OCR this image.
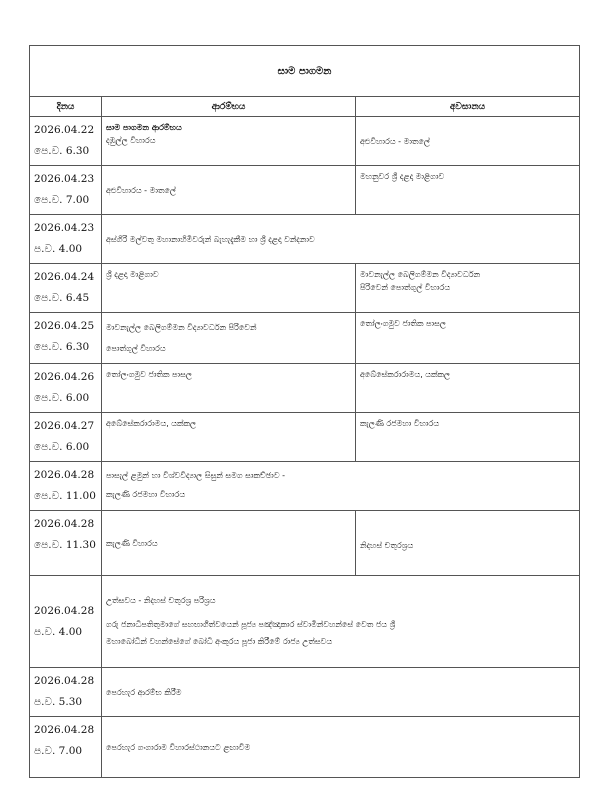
සාම පාගමන		
දිනය	ආරම්භය	අවසානය

2026.04.22
පෙ.ව. 6.30	සාම පාගමන ආරම්භය
දඹුල්ල විහාරය	අළුවිහාරය - මාතලේ

2026.04.23
පෙ.ව. 7.00	අළුවිහාරය - මාතලේ	මහනුවර ශ්‍රී දළදා මාළිගාව

2026.04.23
ප.ව. 4.00	අස්ගිරි මල්වතු මහානාහිමිවරුන් බැහැදැකීම හා ශ්‍රී දළදා වන්දනාව	

2026.04.24
පෙ.ව. 6.45	ශ්‍රී දළදා මාළිගාව	මාවනැල්ල බෙලිගම්මන විද්‍යාවර්ධන
පිරිවෙන් පොත්ගුල් විහාරය

2026.04.25
පෙ.ව. 6.30	මාවනැල්ල බෙලිගම්මන විද්‍යාවර්ධන පිරිවෙන්
පොත්ගුල් විහාරය	තෝලංගමුව ජාතික පාසල

2026.04.26
පෙ.ව. 6.00	තෝලංගමුව ජාතික පාසල	අබේසේකරාරාමය, යක්කල

2026.04.27
පෙ.ව. 6.00	අබේසේකරාරාමය, යක්කල	කැලණි රජමහා විහාරය

2026.04.28
පෙ.ව. 11.00	පාසැල් ළමුන් හා විශ්වවිද්‍යාල සිසුන් සමග සාකච්ඡාව -
කැලණි රජමහා විහාරය	

2026.04.28
පෙ.ව. 11.30	කැලණි විහාරය	නිදහස් චතුරශ්‍රය

2026.04.28
ප.ව. 4.00	උත්සවය - නිදහස් චතුරශ්‍ර පරිශ්‍රය
ගරු ජනාධිපතිතුමාගේ සහභාගීත්වයෙන් පූජ්‍ය පඤ්ඤාකාර ස්වාමීන්වහන්සේ වෙත ජය ශ්‍රී
මහාබෝධීන් වහන්සේගේ බෝධි අංකුරය පූජා කිරීමේ රාජ්‍ය උත්සවය	

2026.04.28
ප.ව. 5.30	පෙරහැර ආරම්භ කිරීම	

2026.04.28
ප.ව. 7.00	පෙරහැර ගංගාරාම විහාරස්ථානයට ළඟාවීම	
